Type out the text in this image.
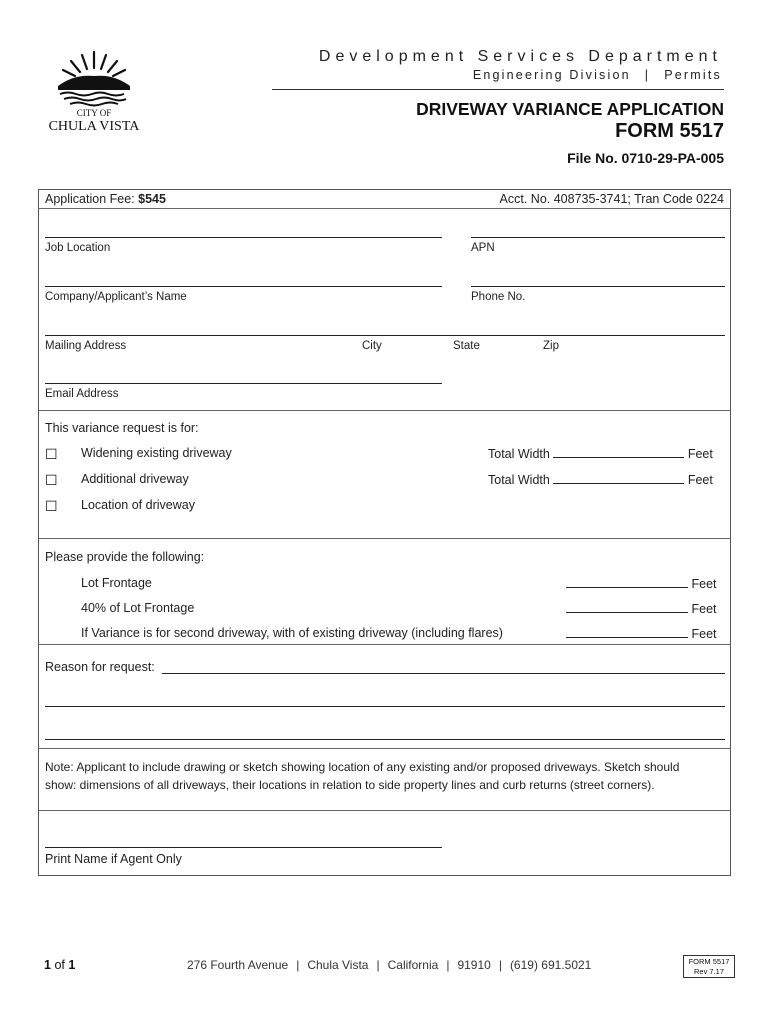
CITY OF
CHULA VISTA
Development Services Department
Engineering Division | Permits
DRIVEWAY VARIANCE APPLICATION
FORM 5517
File No. 0710-29-PA-005
Application Fee: $545	Acct. No. 408735-3741; Tran Code 0224
Job Location	APN
Company/Applicant’s Name	Phone No.
Mailing Address	City	State	Zip
Email Address
This variance request is for:
☐ Widening existing driveway	Total Width	Feet
☐ Additional driveway	Total Width	Feet
☐ Location of driveway
Please provide the following:
Lot Frontage	Feet
40% of Lot Frontage	Feet
If Variance is for second driveway, with of existing driveway (including flares)	Feet
Reason for request:
Note: Applicant to include drawing or sketch showing location of any existing and/or proposed driveways. Sketch should show: dimensions of all driveways, their locations in relation to side property lines and curb returns (street corners).
Print Name if Agent Only
1 of 1	276 Fourth Avenue | Chula Vista | California | 91910 | (619) 691.5021	FORM 5517
Rev 7.17
